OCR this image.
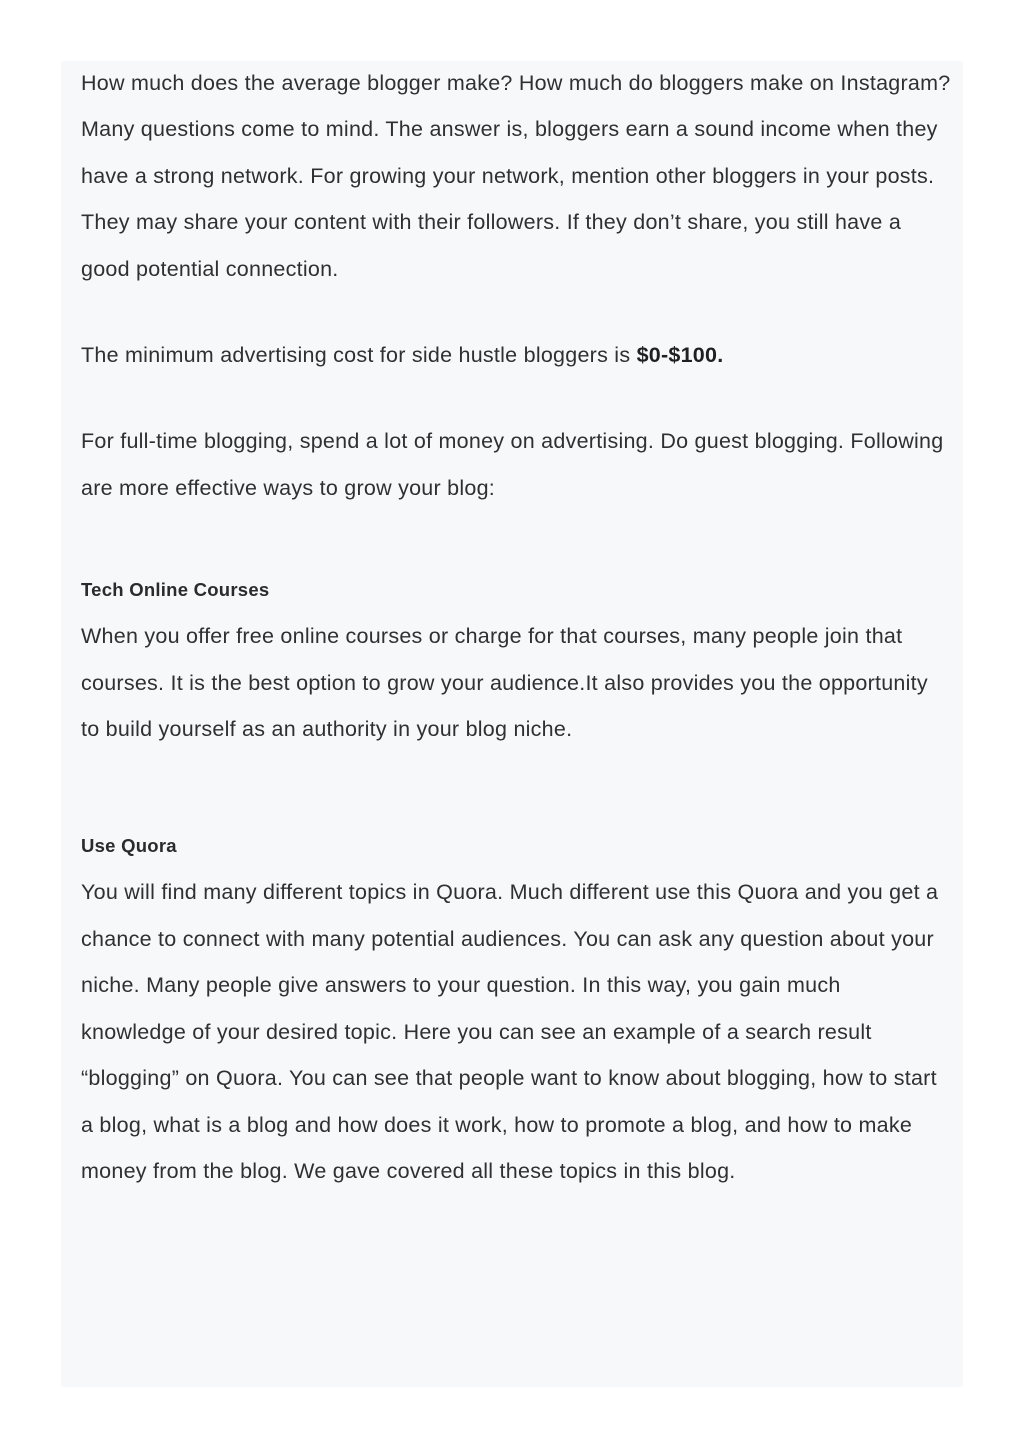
How much does the average blogger make? How much do bloggers make on Instagram? Many questions come to mind. The answer is, bloggers earn a sound income when they have a strong network. For growing your network, mention other bloggers in your posts. They may share your content with their followers. If they don’t share, you still have a good potential connection.

The minimum advertising cost for side hustle bloggers is $0-$100.

For full-time blogging, spend a lot of money on advertising. Do guest blogging. Following are more effective ways to grow your blog:

Tech Online Courses

When you offer free online courses or charge for that courses, many people join that courses. It is the best option to grow your audience.It also provides you the opportunity to build yourself as an authority in your blog niche.

Use Quora

You will find many different topics in Quora. Much different use this Quora and you get a chance to connect with many potential audiences. You can ask any question about your niche. Many people give answers to your question. In this way, you gain much knowledge of your desired topic. Here you can see an example of a search result “blogging” on Quora. You can see that people want to know about blogging, how to start a blog, what is a blog and how does it work, how to promote a blog, and how to make money from the blog. We gave covered all these topics in this blog.
